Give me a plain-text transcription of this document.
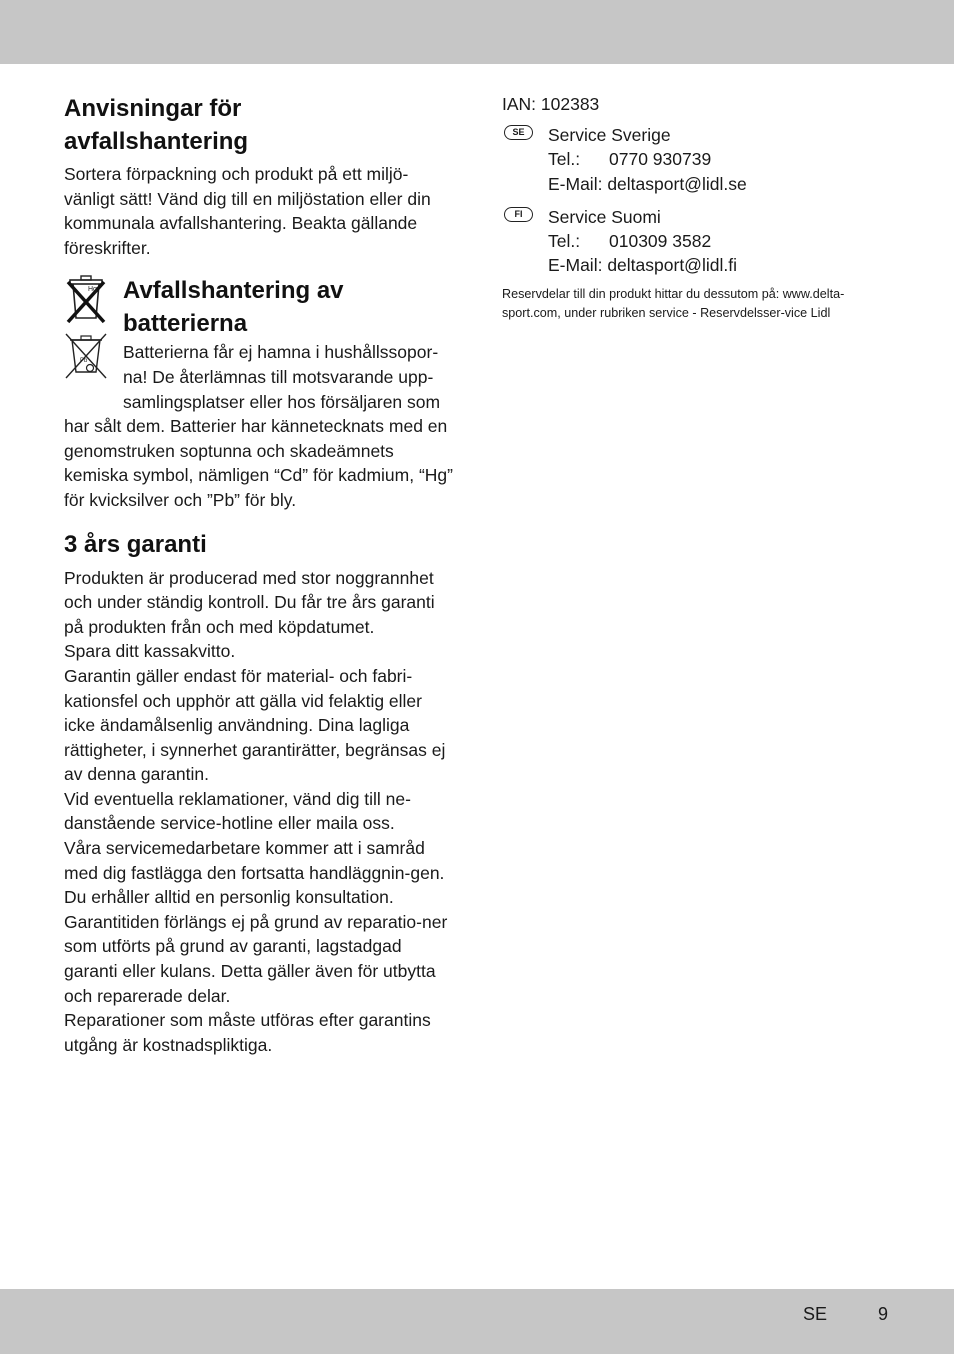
Anvisningar för
avfallshantering

Sortera förpackning och produkt på ett miljö-vänligt sätt! Vänd dig till en miljöstation eller din kommunala avfallshantering. Beakta gällande föreskrifter.

Hg
Pb
Avfallshantering av
batterierna

Batterierna får ej hamna i hushållssopor-na! De återlämnas till motsvarande upp-samlingsplatser eller hos försäljaren som har sålt dem. Batterier har kännetecknats med en genomstruken soptunna och skadeämnets kemiska symbol, nämligen “Cd” för kadmium, “Hg” för kvicksilver och ”Pb” för bly.

3 års garanti

Produkten är producerad med stor noggrannhet och under ständig kontroll. Du får tre års garanti på produkten från och med köpdatumet.

Spara ditt kassakvitto.

Garantin gäller endast för material- och fabri-kationsfel och upphör att gälla vid felaktig eller icke ändamålsenlig användning. Dina lagliga rättigheter, i synnerhet garantirätter, begränsas ej av denna garantin.

Vid eventuella reklamationer, vänd dig till ne-danstående service-hotline eller maila oss.

Våra servicemedarbetare kommer att i samråd med dig fastlägga den fortsatta handläggnin-gen. Du erhåller alltid en personlig konsultation.

Garantitiden förlängs ej på grund av reparatio-ner som utförts på grund av garanti, lagstadgad garanti eller kulans. Detta gäller även för utbytta och reparerade delar.

Reparationer som måste utföras efter garantins utgång är kostnadspliktiga.

IAN: 102383
SE	Service Sverige
Tel.: 0770 930739
E-Mail: deltasport@lidl.se
FI	Service Suomi
Tel.: 010309 3582
E-Mail: deltasport@lidl.fi
Reservdelar till din produkt hittar du dessutom på: www.delta-sport.com, under rubriken service - Reservdelsser-vice Lidl
SE	9
